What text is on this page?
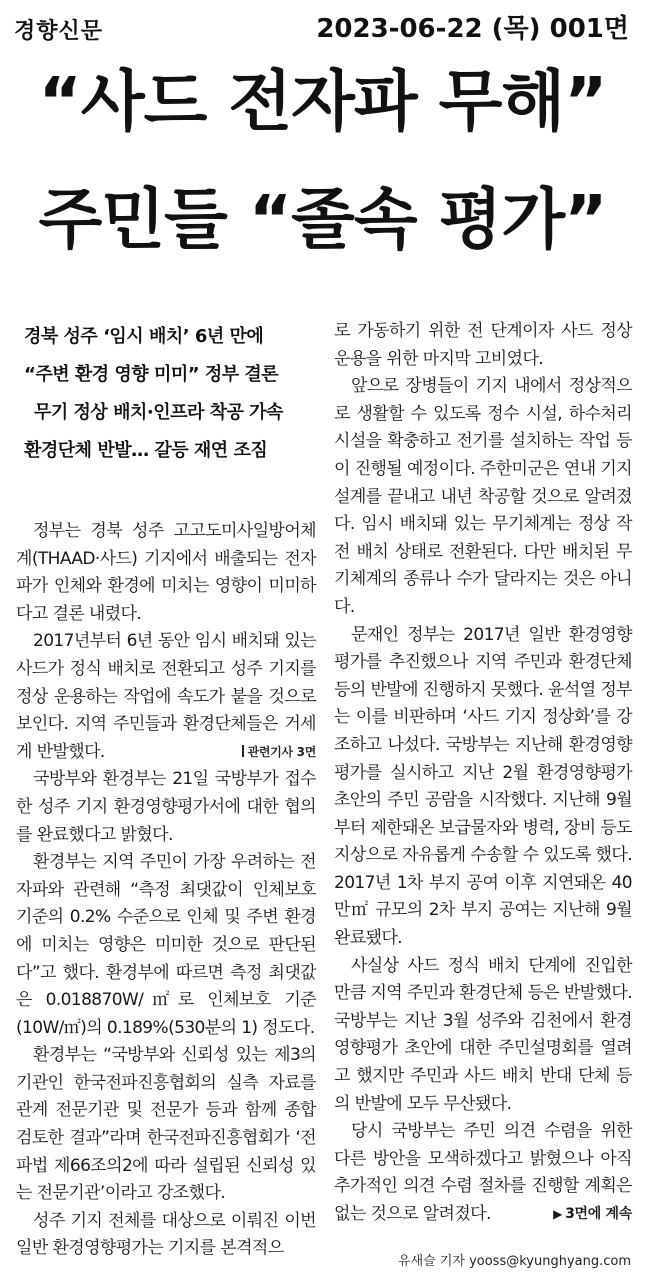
경향신문	2023-06-22 (목) 001면
“사드 전자파 무해”
주민들 “졸속 평가”
경북 성주 ‘임시 배치’ 6년 만에
“주변 환경 영향 미미” 정부 결론
무기 정상 배치·인프라 착공 가속
환경단체 반발… 갈등 재연 조짐

정부는 경북 성주 고고도미사일방어체계(THAAD·사드) 기지에서 배출되는 전자파가 인체와 환경에 미치는 영향이 미미하다고 결론 내렸다.

2017년부터 6년 동안 임시 배치돼 있는 사드가 정식 배치로 전환되고 성주 기지를 정상 운용하는 작업에 속도가 붙을 것으로 보인다. 지역 주민들과 환경단체들은 거세게 반발했다.	관련기사 3면

국방부와 환경부는 21일 국방부가 접수한 성주 기지 환경영향평가서에 대한 협의를 완료했다고 밝혔다.

환경부는 지역 주민이 가장 우려하는 전자파와 관련해 “측정 최댓값이 인체보호 기준의 0.2% 수준으로 인체 및 주변 환경에 미치는 영향은 미미한 것으로 판단된다”고 했다. 환경부에 따르면 측정 최댓값은 0.018870W/㎡로 인체보호 기준(10W/㎡)의 0.189%(530분의 1) 정도다.

환경부는 “국방부와 신뢰성 있는 제3의 기관인 한국전파진흥협회의 실측 자료를 관계 전문기관 및 전문가 등과 함께 종합 검토한 결과”라며 한국전파진흥협회가 ‘전파법 제66조의2에 따라 설립된 신뢰성 있는 전문기관’이라고 강조했다.

성주 기지 전체를 대상으로 이뤄진 이번 일반 환경영향평가는 기지를 본격적으

로 가동하기 위한 전 단계이자 사드 정상 운용을 위한 마지막 고비였다.

앞으로 장병들이 기지 내에서 정상적으로 생활할 수 있도록 정수 시설, 하수처리 시설을 확충하고 전기를 설치하는 작업 등이 진행될 예정이다. 주한미군은 연내 기지 설계를 끝내고 내년 착공할 것으로 알려졌다. 임시 배치돼 있는 무기체계는 정상 작전 배치 상태로 전환된다. 다만 배치된 무기체계의 종류나 수가 달라지는 것은 아니다.

문재인 정부는 2017년 일반 환경영향평가를 추진했으나 지역 주민과 환경단체 등의 반발에 진행하지 못했다. 윤석열 정부는 이를 비판하며 ‘사드 기지 정상화’를 강조하고 나섰다. 국방부는 지난해 환경영향평가를 실시하고 지난 2월 환경영향평가 초안의 주민 공람을 시작했다. 지난해 9월부터 제한돼온 보급물자와 병력, 장비 등도 지상으로 자유롭게 수송할 수 있도록 했다. 2017년 1차 부지 공여 이후 지연돼온 40만㎡ 규모의 2차 부지 공여는 지난해 9월 완료됐다.

사실상 사드 정식 배치 단계에 진입한 만큼 지역 주민과 환경단체 등은 반발했다. 국방부는 지난 3월 성주와 김천에서 환경영향평가 초안에 대한 주민설명회를 열려고 했지만 주민과 사드 배치 반대 단체 등의 반발에 모두 무산됐다.

당시 국방부는 주민 의견 수렴을 위한 다른 방안을 모색하겠다고 밝혔으나 아직 추가적인 의견 수렴 절차를 진행할 계획은 없는 것으로 알려졌다.	▶ 3면에 계속

유새슬 기자 yooss@kyunghyang.com
